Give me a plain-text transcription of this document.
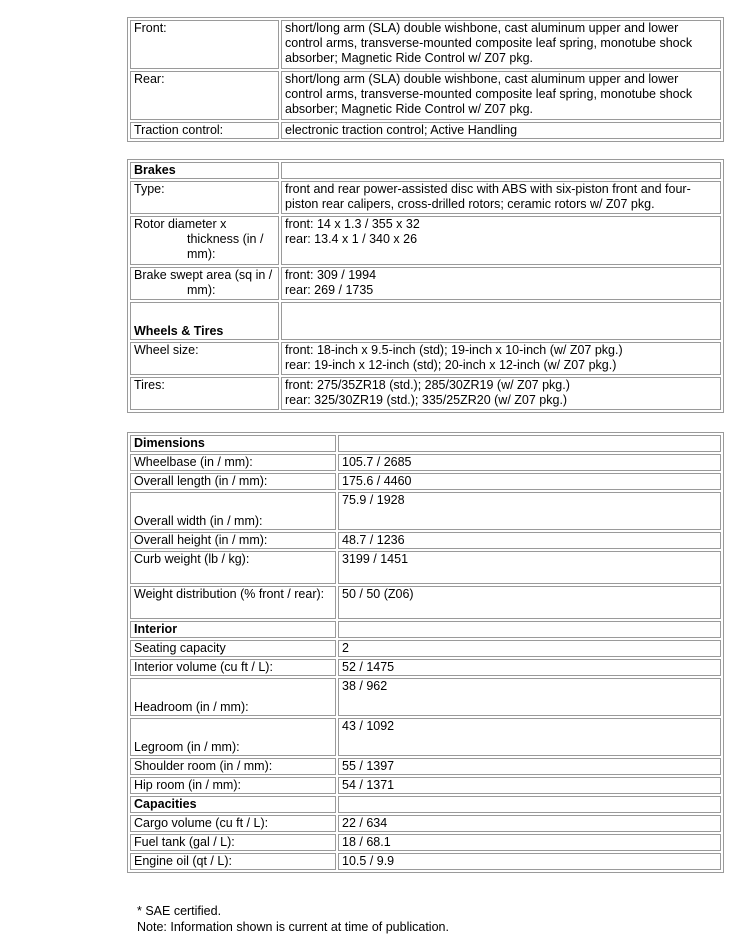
Front:	short/long arm (SLA) double wishbone, cast aluminum upper and lower control arms, transverse-mounted composite leaf spring, monotube shock absorber; Magnetic Ride Control w/ Z07 pkg.
Rear:	short/long arm (SLA) double wishbone, cast aluminum upper and lower control arms, transverse-mounted composite leaf spring, monotube shock absorber; Magnetic Ride Control w/ Z07 pkg.
Traction control:	electronic traction control; Active Handling
Brakes	
Type:	front and rear power-assisted disc with ABS with six-piston front and four-piston rear calipers, cross-drilled rotors; ceramic rotors w/ Z07 pkg.
Rotor diameter x thickness (in / mm):	front: 14 x 1.3 / 355 x 32
rear: 13.4 x 1 / 340 x 26

Brake swept area (sq in / mm):	front: 309 / 1994
rear: 269 / 1735

Wheels & Tires	
Wheel size:	front: 18-inch x 9.5-inch (std); 19-inch x 10-inch (w/ Z07 pkg.)
rear: 19-inch x 12-inch (std); 20-inch x 12-inch (w/ Z07 pkg.)

Tires:	front: 275/35ZR18 (std.); 285/30ZR19 (w/ Z07 pkg.)
rear: 325/30ZR19 (std.); 335/25ZR20 (w/ Z07 pkg.)
Dimensions	
Wheelbase (in / mm):	105.7 / 2685
Overall length (in / mm):	175.6 / 4460
Overall width (in / mm):	75.9 / 1928
Overall height (in / mm):	48.7 / 1236
Curb weight (lb / kg):	3199 / 1451
Weight distribution (% front / rear):	50 / 50 (Z06)
Interior	
Seating capacity	2
Interior volume (cu ft / L):	52 / 1475
Headroom (in / mm):	38 / 962
Legroom (in / mm):	43 / 1092
Shoulder room (in / mm):	55 / 1397
Hip room (in / mm):	54 / 1371
Capacities	
Cargo volume (cu ft / L):	22 / 634
Fuel tank (gal / L):	18 / 68.1
Engine oil (qt / L):	10.5 / 9.9
* SAE certified.
Note: Information shown is current at time of publication.
